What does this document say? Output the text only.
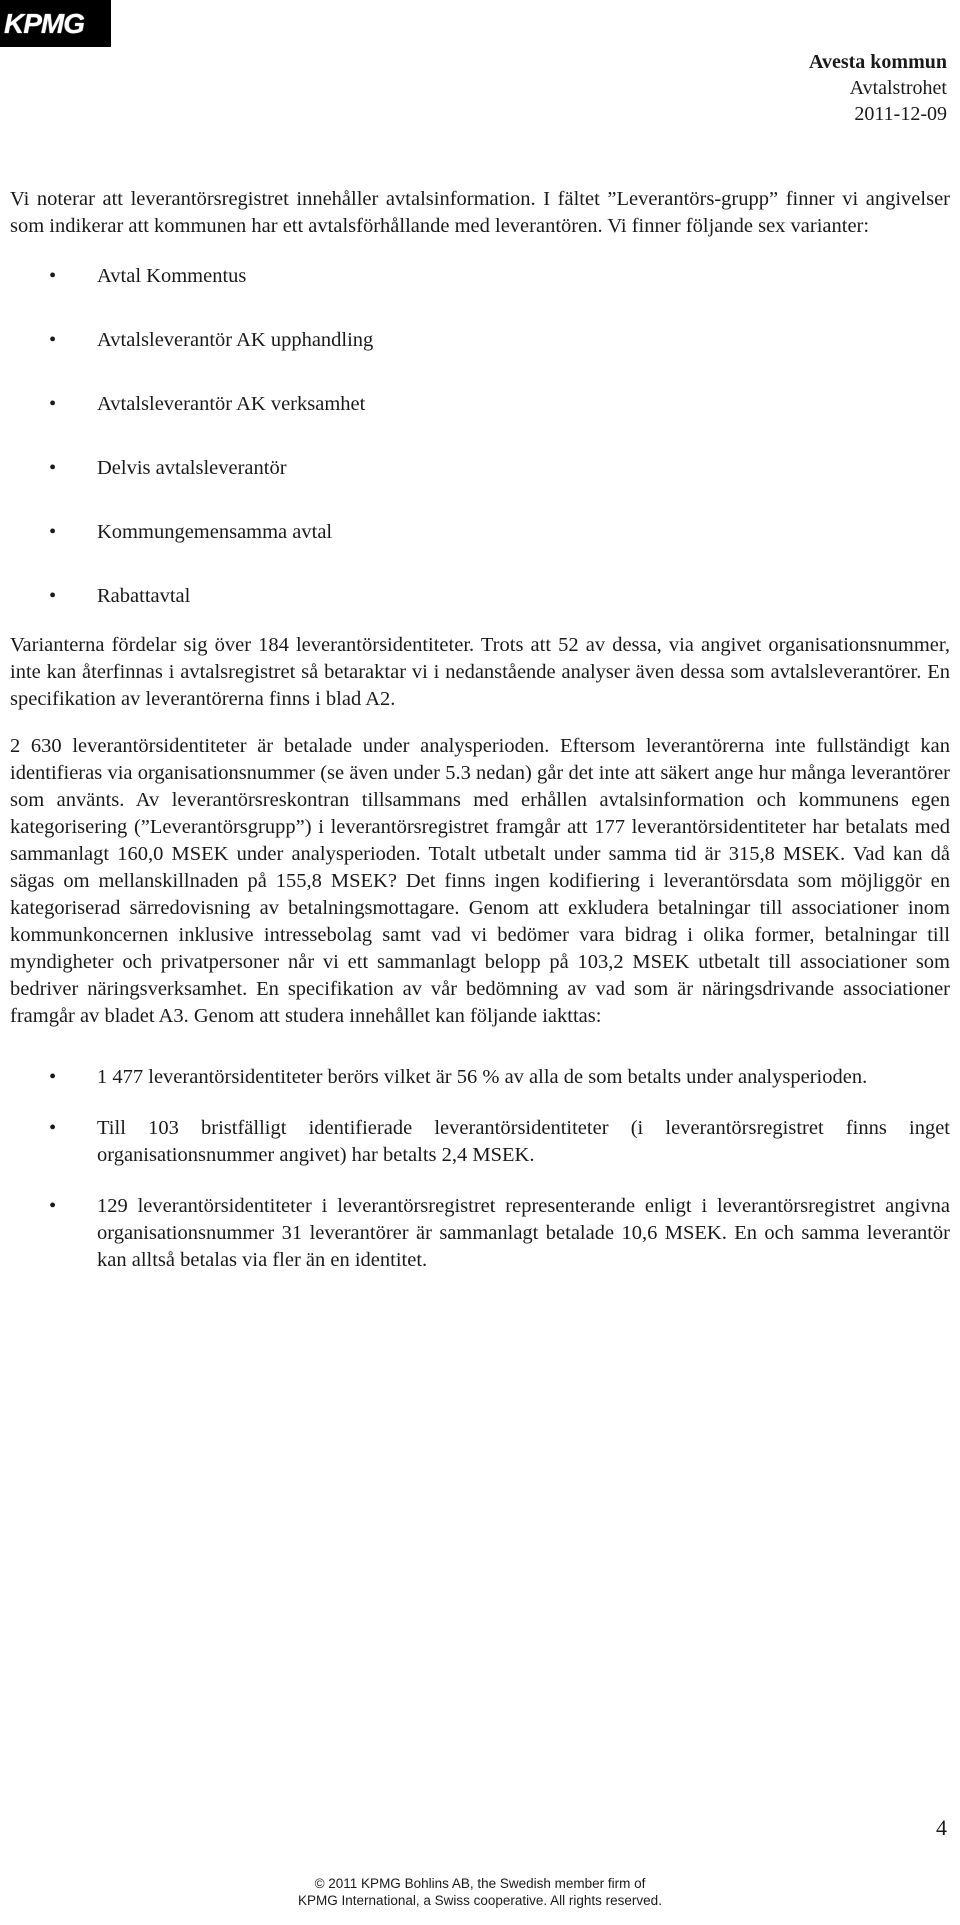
KPMG
Avesta kommun
Avtalstrohet
2011-12-09

Vi noterar att leverantörsregistret innehåller avtalsinformation. I fältet ”Leverantörs-grupp” finner vi angivelser som indikerar att kommunen har ett avtalsförhållande med leverantören. Vi finner följande sex varianter:

• Avtal Kommentus
• Avtalsleverantör AK upphandling
• Avtalsleverantör AK verksamhet
• Delvis avtalsleverantör
• Kommungemensamma avtal
• Rabattavtal

Varianterna fördelar sig över 184 leverantörsidentiteter. Trots att 52 av dessa, via angivet organisationsnummer, inte kan återfinnas i avtalsregistret så betaraktar vi i nedanstående analyser även dessa som avtalsleverantörer. En specifikation av leverantörerna finns i blad A2.

2 630 leverantörsidentiteter är betalade under analysperioden. Eftersom leverantörerna inte fullständigt kan identifieras via organisationsnummer (se även under 5.3 nedan) går det inte att säkert ange hur många leverantörer som använts. Av leverantörsreskontran tillsammans med erhållen avtalsinformation och kommunens egen kategorisering (”Leverantörsgrupp”) i leverantörsregistret framgår att 177 leverantörsidentiteter har betalats med sammanlagt 160,0 MSEK under analysperioden. Totalt utbetalt under samma tid är 315,8 MSEK. Vad kan då sägas om mellanskillnaden på 155,8 MSEK? Det finns ingen kodifiering i leverantörsdata som möjliggör en kategoriserad särredovisning av betalningsmottagare. Genom att exkludera betalningar till associationer inom kommunkoncernen inklusive intressebolag samt vad vi bedömer vara bidrag i olika former, betalningar till myndigheter och privatpersoner når vi ett sammanlagt belopp på 103,2 MSEK utbetalt till associationer som bedriver näringsverksamhet. En specifikation av vår bedömning av vad som är näringsdrivande associationer framgår av bladet A3. Genom att studera innehållet kan följande iakttas:

• 1 477 leverantörsidentiteter berörs vilket är 56 % av alla de som betalts under analysperioden.
• Till 103 bristfälligt identifierade leverantörsidentiteter (i leverantörsregistret finns inget organisationsnummer angivet) har betalts 2,4 MSEK.
• 129 leverantörsidentiteter i leverantörsregistret representerande enligt i leverantörsregistret angivna organisationsnummer 31 leverantörer är sammanlagt betalade 10,6 MSEK. En och samma leverantör kan alltså betalas via fler än en identitet.
4
© 2011 KPMG Bohlins AB, the Swedish member firm of
KPMG International, a Swiss cooperative. All rights reserved.
